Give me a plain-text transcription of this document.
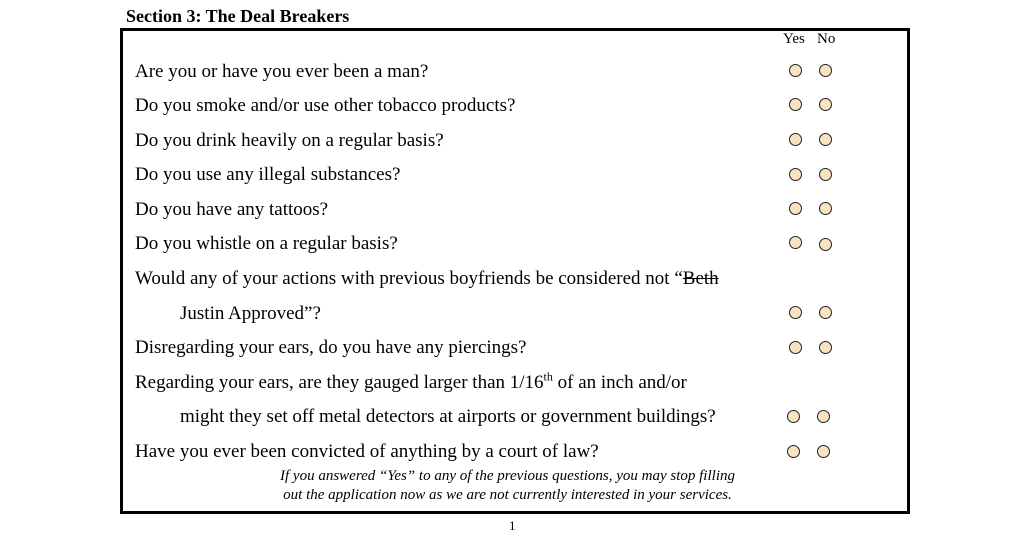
Section 3: The Deal Breakers
Yes No
Are you or have you ever been a man?
Do you smoke and/or use other tobacco products?
Do you drink heavily on a regular basis?
Do you use any illegal substances?
Do you have any tattoos?
Do you whistle on a regular basis?
Would any of your actions with previous boyfriends be considered not “Beth
Justin Approved”?
Disregarding your ears, do you have any piercings?
Regarding your ears, are they gauged larger than 1/16th of an inch and/or
might they set off metal detectors at airports or government buildings?
Have you ever been convicted of anything by a court of law?
If you answered “Yes” to any of the previous questions, you may stop filling
out the application now as we are not currently interested in your services.
1
